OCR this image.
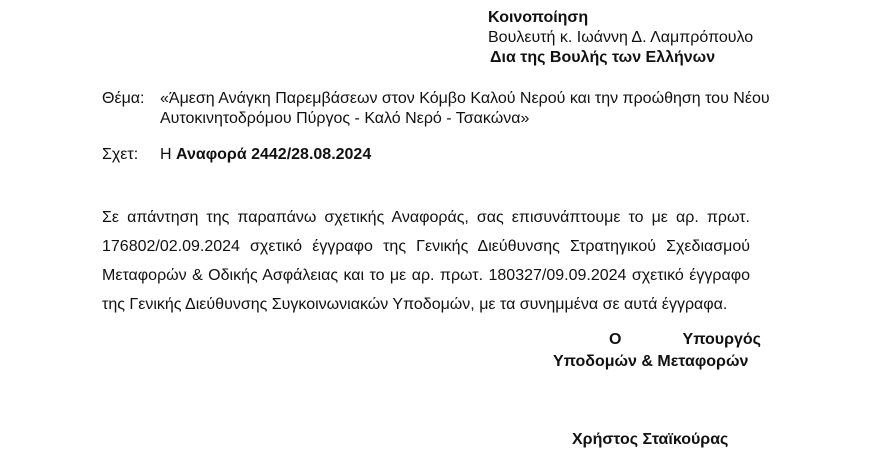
Κοινοποίηση
Βουλευτή κ. Ιωάννη Δ. Λαμπρόπουλο
Δια της Βουλής των Ελλήνων
Θέμα: «Άμεση Ανάγκη Παρεμβάσεων στον Κόμβο Καλού Νερού και την προώθηση του Νέου
Αυτοκινητοδρόμου Πύργος - Καλό Νερό - Τσακώνα»
Σχετ: Η Αναφορά 2442/28.08.2024
Σε απάντηση της παραπάνω σχετικής Αναφοράς, σας επισυνάπτουμε το με αρ. πρωτ.
176802/02.09.2024 σχετικό έγγραφο της Γενικής Διεύθυνσης Στρατηγικού Σχεδιασμού
Μεταφορών & Οδικής Ασφάλειας και το με αρ. πρωτ. 180327/09.09.2024 σχετικό έγγραφο
της Γενικής Διεύθυνσης Συγκοινωνιακών Υποδομών, με τα συνημμένα σε αυτά έγγραφα.
Ο	Υπουργός
Υποδομών & Μεταφορών
Χρήστος Σταϊκούρας
